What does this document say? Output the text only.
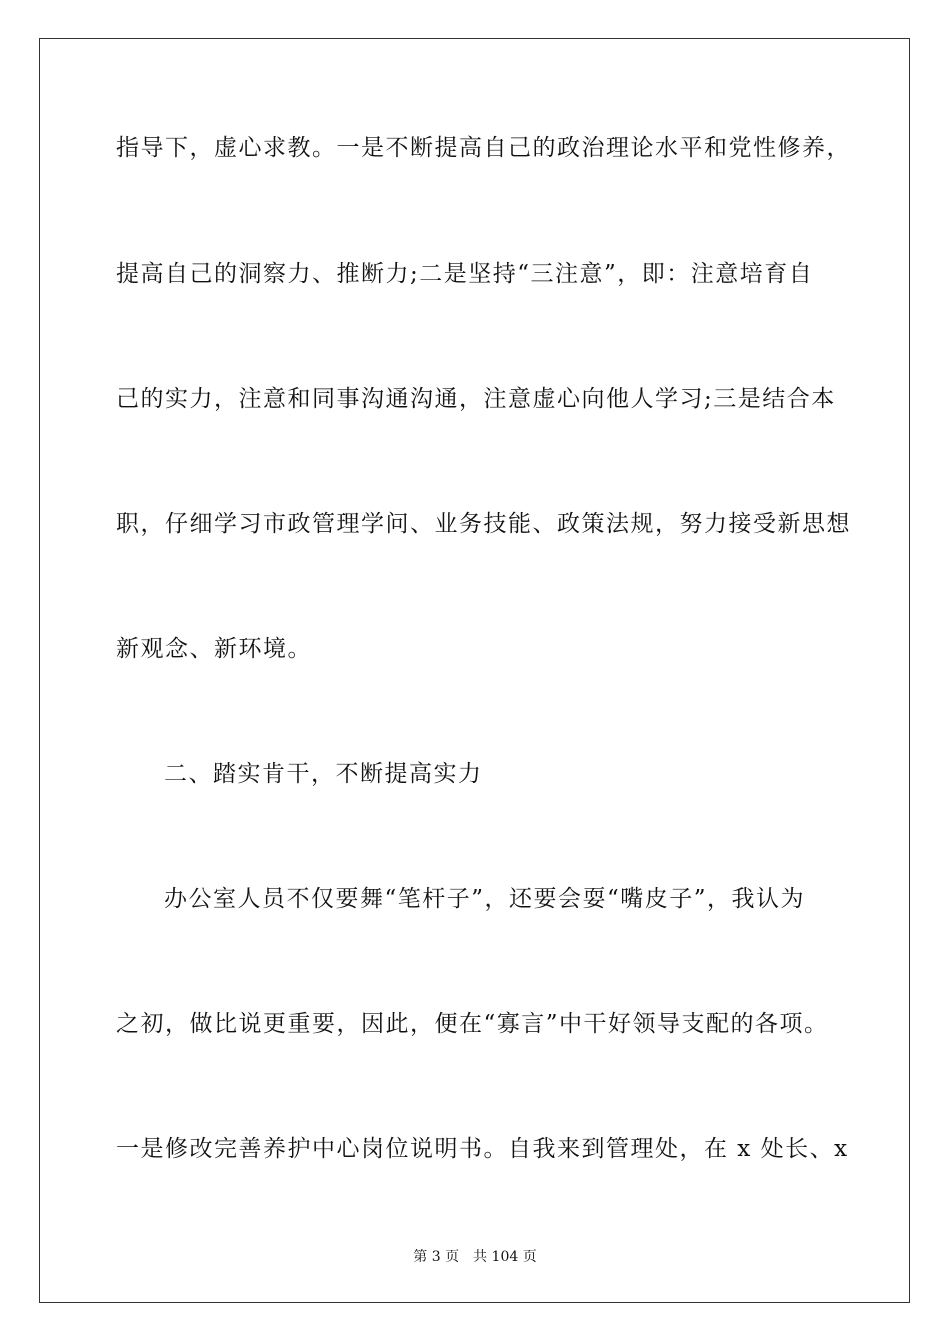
指导下，虚心求教。一是不断提高自己的政治理论水平和党性修养，
提高自己的洞察力、推断力;二是坚持“三注意”，即：注意培育自
己的实力，注意和同事沟通沟通，注意虚心向他人学习;三是结合本
职，仔细学习市政管理学问、业务技能、政策法规，努力接受新思想
新观念、新环境。
二、踏实肯干，不断提高实力
办公室人员不仅要舞“笔杆子”，还要会耍“嘴皮子”，我认为
之初，做比说更重要，因此，便在“寡言”中干好领导支配的各项。
一是修改完善养护中心岗位说明书。自我来到管理处，在 x 处长、x
第 3 页 共 104 页
